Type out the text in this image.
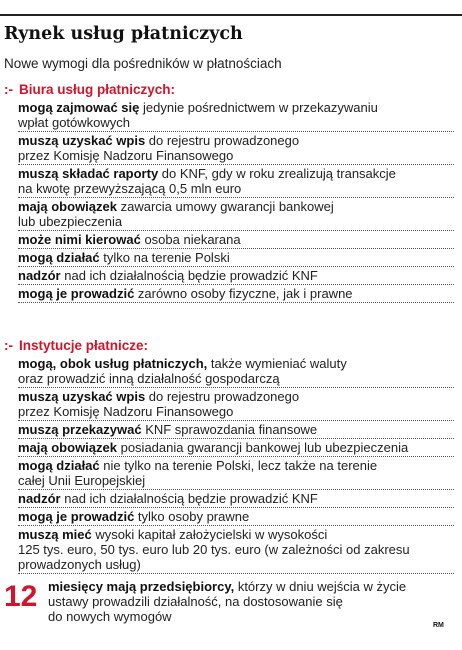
Rynek usług płatniczych
Nowe wymogi dla pośredników w płatnościach
:- Biura usług płatniczych:
mogą zajmować się jedynie pośrednictwem w przekazywaniu
wpłat gotówkowych
muszą uzyskać wpis do rejestru prowadzonego
przez Komisję Nadzoru Finansowego
muszą składać raporty do KNF, gdy w roku zrealizują transakcje
na kwotę przewyższającą 0,5 mln euro
mają obowiązek zawarcia umowy gwarancji bankowej
lub ubezpieczenia
może nimi kierować osoba niekarana
mogą działać tylko na terenie Polski
nadzór nad ich działalnością będzie prowadzić KNF
mogą je prowadzić zarówno osoby fizyczne, jak i prawne
:- Instytucje płatnicze:
mogą, obok usług płatniczych, także wymieniać waluty
oraz prowadzić inną działalność gospodarczą
muszą uzyskać wpis do rejestru prowadzonego
przez Komisję Nadzoru Finansowego
muszą przekazywać KNF sprawozdania finansowe
mają obowiązek posiadania gwarancji bankowej lub ubezpieczenia
mogą działać nie tylko na terenie Polski, lecz także na terenie
całej Unii Europejskiej
nadzór nad ich działalnością będzie prowadzić KNF
mogą je prowadzić tylko osoby prawne
muszą mieć wysoki kapitał założycielski w wysokości
125 tys. euro, 50 tys. euro lub 20 tys. euro (w zależności od zakresu
prowadzonych usług)
12 miesięcy mają przedsiębiorcy, którzy w dniu wejścia w życie
ustawy prowadzili działalność, na dostosowanie się
do nowych wymogów
RM
